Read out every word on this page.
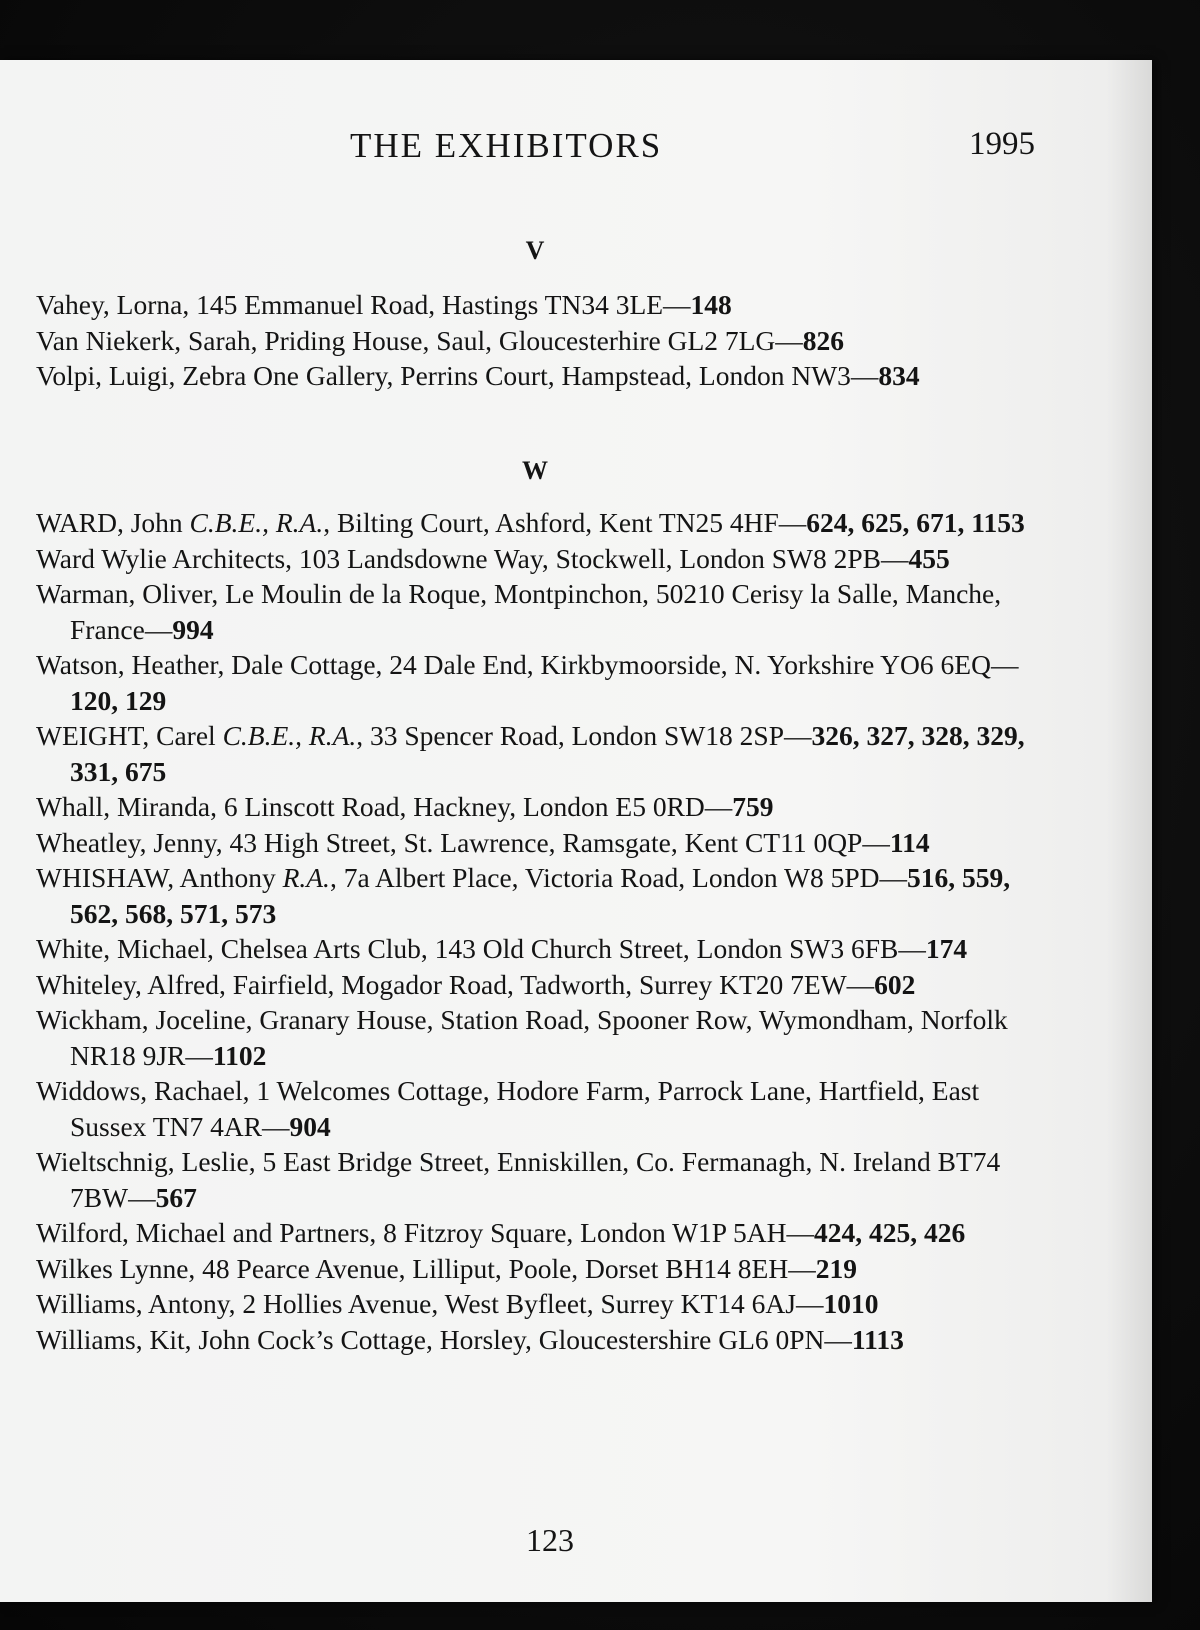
THE EXHIBITORS	1995
V
Vahey, Lorna, 145 Emmanuel Road, Hastings TN34 3LE—148
Van Niekerk, Sarah, Priding House, Saul, Gloucesterhire GL2 7LG—826
Volpi, Luigi, Zebra One Gallery, Perrins Court, Hampstead, London NW3—834
W
WARD, John C.B.E., R.A., Bilting Court, Ashford, Kent TN25 4HF—624, 625, 671, 1153
Ward Wylie Architects, 103 Landsdowne Way, Stockwell, London SW8 2PB—455
Warman, Oliver, Le Moulin de la Roque, Montpinchon, 50210 Cerisy la Salle, Manche, France—994
Watson, Heather, Dale Cottage, 24 Dale End, Kirkbymoorside, N. Yorkshire YO6 6EQ—120, 129
WEIGHT, Carel C.B.E., R.A., 33 Spencer Road, London SW18 2SP—326, 327, 328, 329, 331, 675
Whall, Miranda, 6 Linscott Road, Hackney, London E5 0RD—759
Wheatley, Jenny, 43 High Street, St. Lawrence, Ramsgate, Kent CT11 0QP—114
WHISHAW, Anthony R.A., 7a Albert Place, Victoria Road, London W8 5PD—516, 559, 562, 568, 571, 573
White, Michael, Chelsea Arts Club, 143 Old Church Street, London SW3 6FB—174
Whiteley, Alfred, Fairfield, Mogador Road, Tadworth, Surrey KT20 7EW—602
Wickham, Joceline, Granary House, Station Road, Spooner Row, Wymondham, Norfolk NR18 9JR—1102
Widdows, Rachael, 1 Welcomes Cottage, Hodore Farm, Parrock Lane, Hartfield, East Sussex TN7 4AR—904
Wieltschnig, Leslie, 5 East Bridge Street, Enniskillen, Co. Fermanagh, N. Ireland BT74 7BW—567
Wilford, Michael and Partners, 8 Fitzroy Square, London W1P 5AH—424, 425, 426
Wilkes Lynne, 48 Pearce Avenue, Lilliput, Poole, Dorset BH14 8EH—219
Williams, Antony, 2 Hollies Avenue, West Byfleet, Surrey KT14 6AJ—1010
Williams, Kit, John Cock’s Cottage, Horsley, Gloucestershire GL6 0PN—1113
123
